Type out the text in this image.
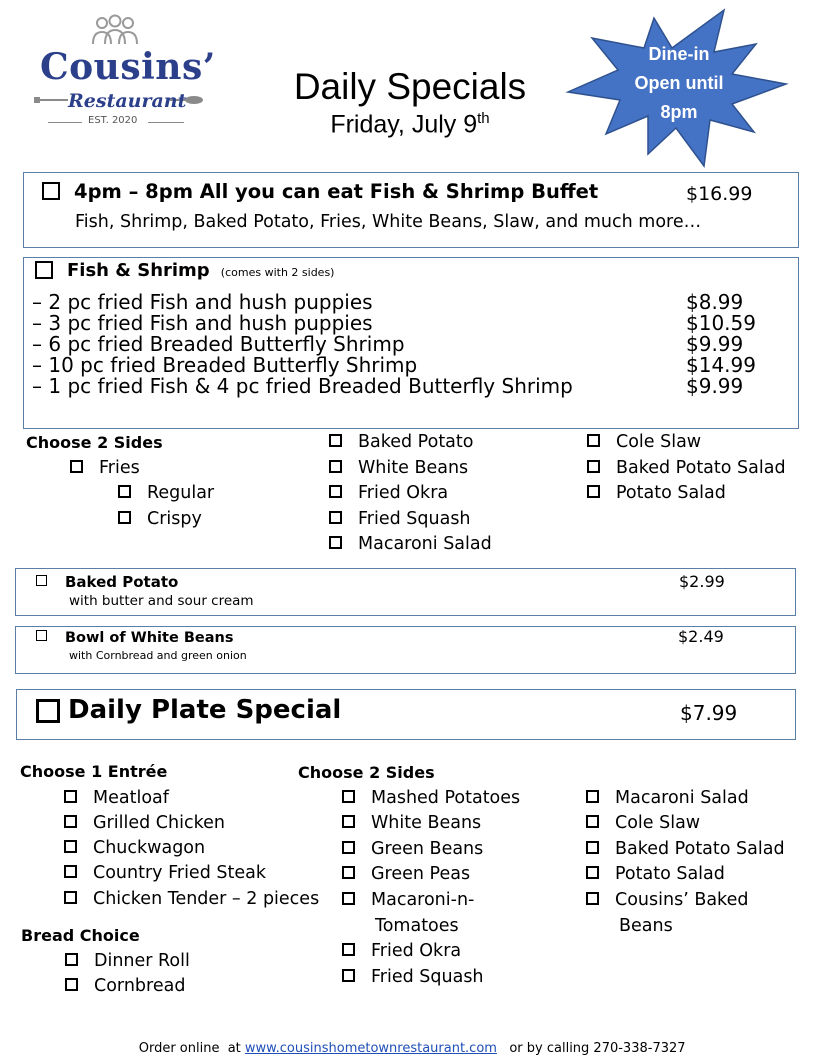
Cousins’
Restaurant
EST. 2020
Daily Specials
Friday, July 9th
Dine-in
Open until
8pm
4pm – 8pm All you can eat Fish & Shrimp Buffet	$16.99
Fish, Shrimp, Baked Potato, Fries, White Beans, Slaw, and much more…
Fish & Shrimp (comes with 2 sides)
– 2 pc fried Fish and hush puppies	$8.99
– 3 pc fried Fish and hush puppies	$10.59
– 6 pc fried Breaded Butterfly Shrimp	$9.99
– 10 pc fried Breaded Butterfly Shrimp	$14.99
– 1 pc fried Fish & 4 pc fried Breaded Butterfly Shrimp	$9.99
Choose 2 Sides
Fries
Regular
Crispy
Baked Potato
White Beans
Fried Okra
Fried Squash
Macaroni Salad
Cole Slaw
Baked Potato Salad
Potato Salad
Baked Potato
with butter and sour cream
$2.99
Bowl of White Beans
with Cornbread and green onion
$2.49
Daily Plate Special	$7.99
Choose 1 Entrée
Meatloaf
Grilled Chicken
Chuckwagon
Country Fried Steak
Chicken Tender – 2 pieces
Bread Choice
Dinner Roll
Cornbread
Choose 2 Sides
Mashed Potatoes
White Beans
Green Beans
Green Peas
Macaroni-n-
Tomatoes
Fried Okra
Fried Squash
Macaroni Salad
Cole Slaw
Baked Potato Salad
Potato Salad
Cousins’ Baked
Beans

Order online  at www.cousinshometownrestaurant.com   or by calling 270-338-7327
